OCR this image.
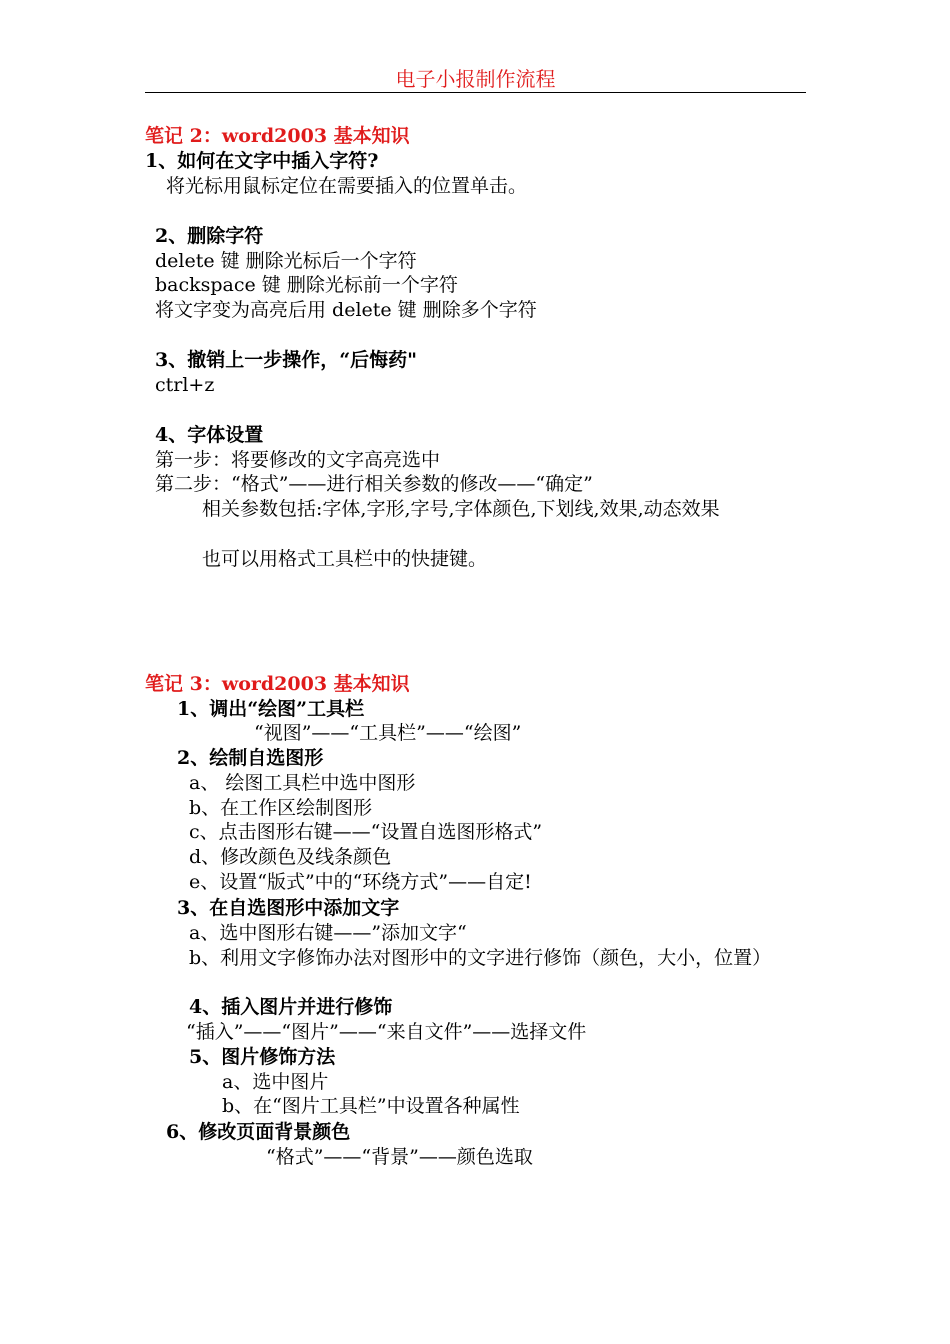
电子小报制作流程
笔记 2：word2003 基本知识
1、如何在文字中插入字符?
将光标用鼠标定位在需要插入的位置单击。
2、删除字符
delete 键 删除光标后一个字符
backspace 键 删除光标前一个字符
将文字变为高亮后用 delete 键 删除多个字符
3、撤销上一步操作，“后悔药"
ctrl+z
4、字体设置
第一步：将要修改的文字高亮选中
第二步：“格式”——进行相关参数的修改——“确定”
相关参数包括:字体,字形,字号,字体颜色,下划线,效果,动态效果
也可以用格式工具栏中的快捷键。
笔记 3：word2003 基本知识
1、调出“绘图”工具栏
“视图”——“工具栏”——“绘图”
2、绘制自选图形
a、 绘图工具栏中选中图形
b、在工作区绘制图形
c、点击图形右键——“设置自选图形格式”
d、修改颜色及线条颜色
e、设置“版式”中的“环绕方式”——自定!
3、在自选图形中添加文字
a、选中图形右键——”添加文字“
b、利用文字修饰办法对图形中的文字进行修饰（颜色，大小，位置）
4、插入图片并进行修饰
“插入”——“图片”——“来自文件”——选择文件
5、图片修饰方法
a、选中图片
b、在“图片工具栏”中设置各种属性
6、修改页面背景颜色
“格式”——“背景”——颜色选取
